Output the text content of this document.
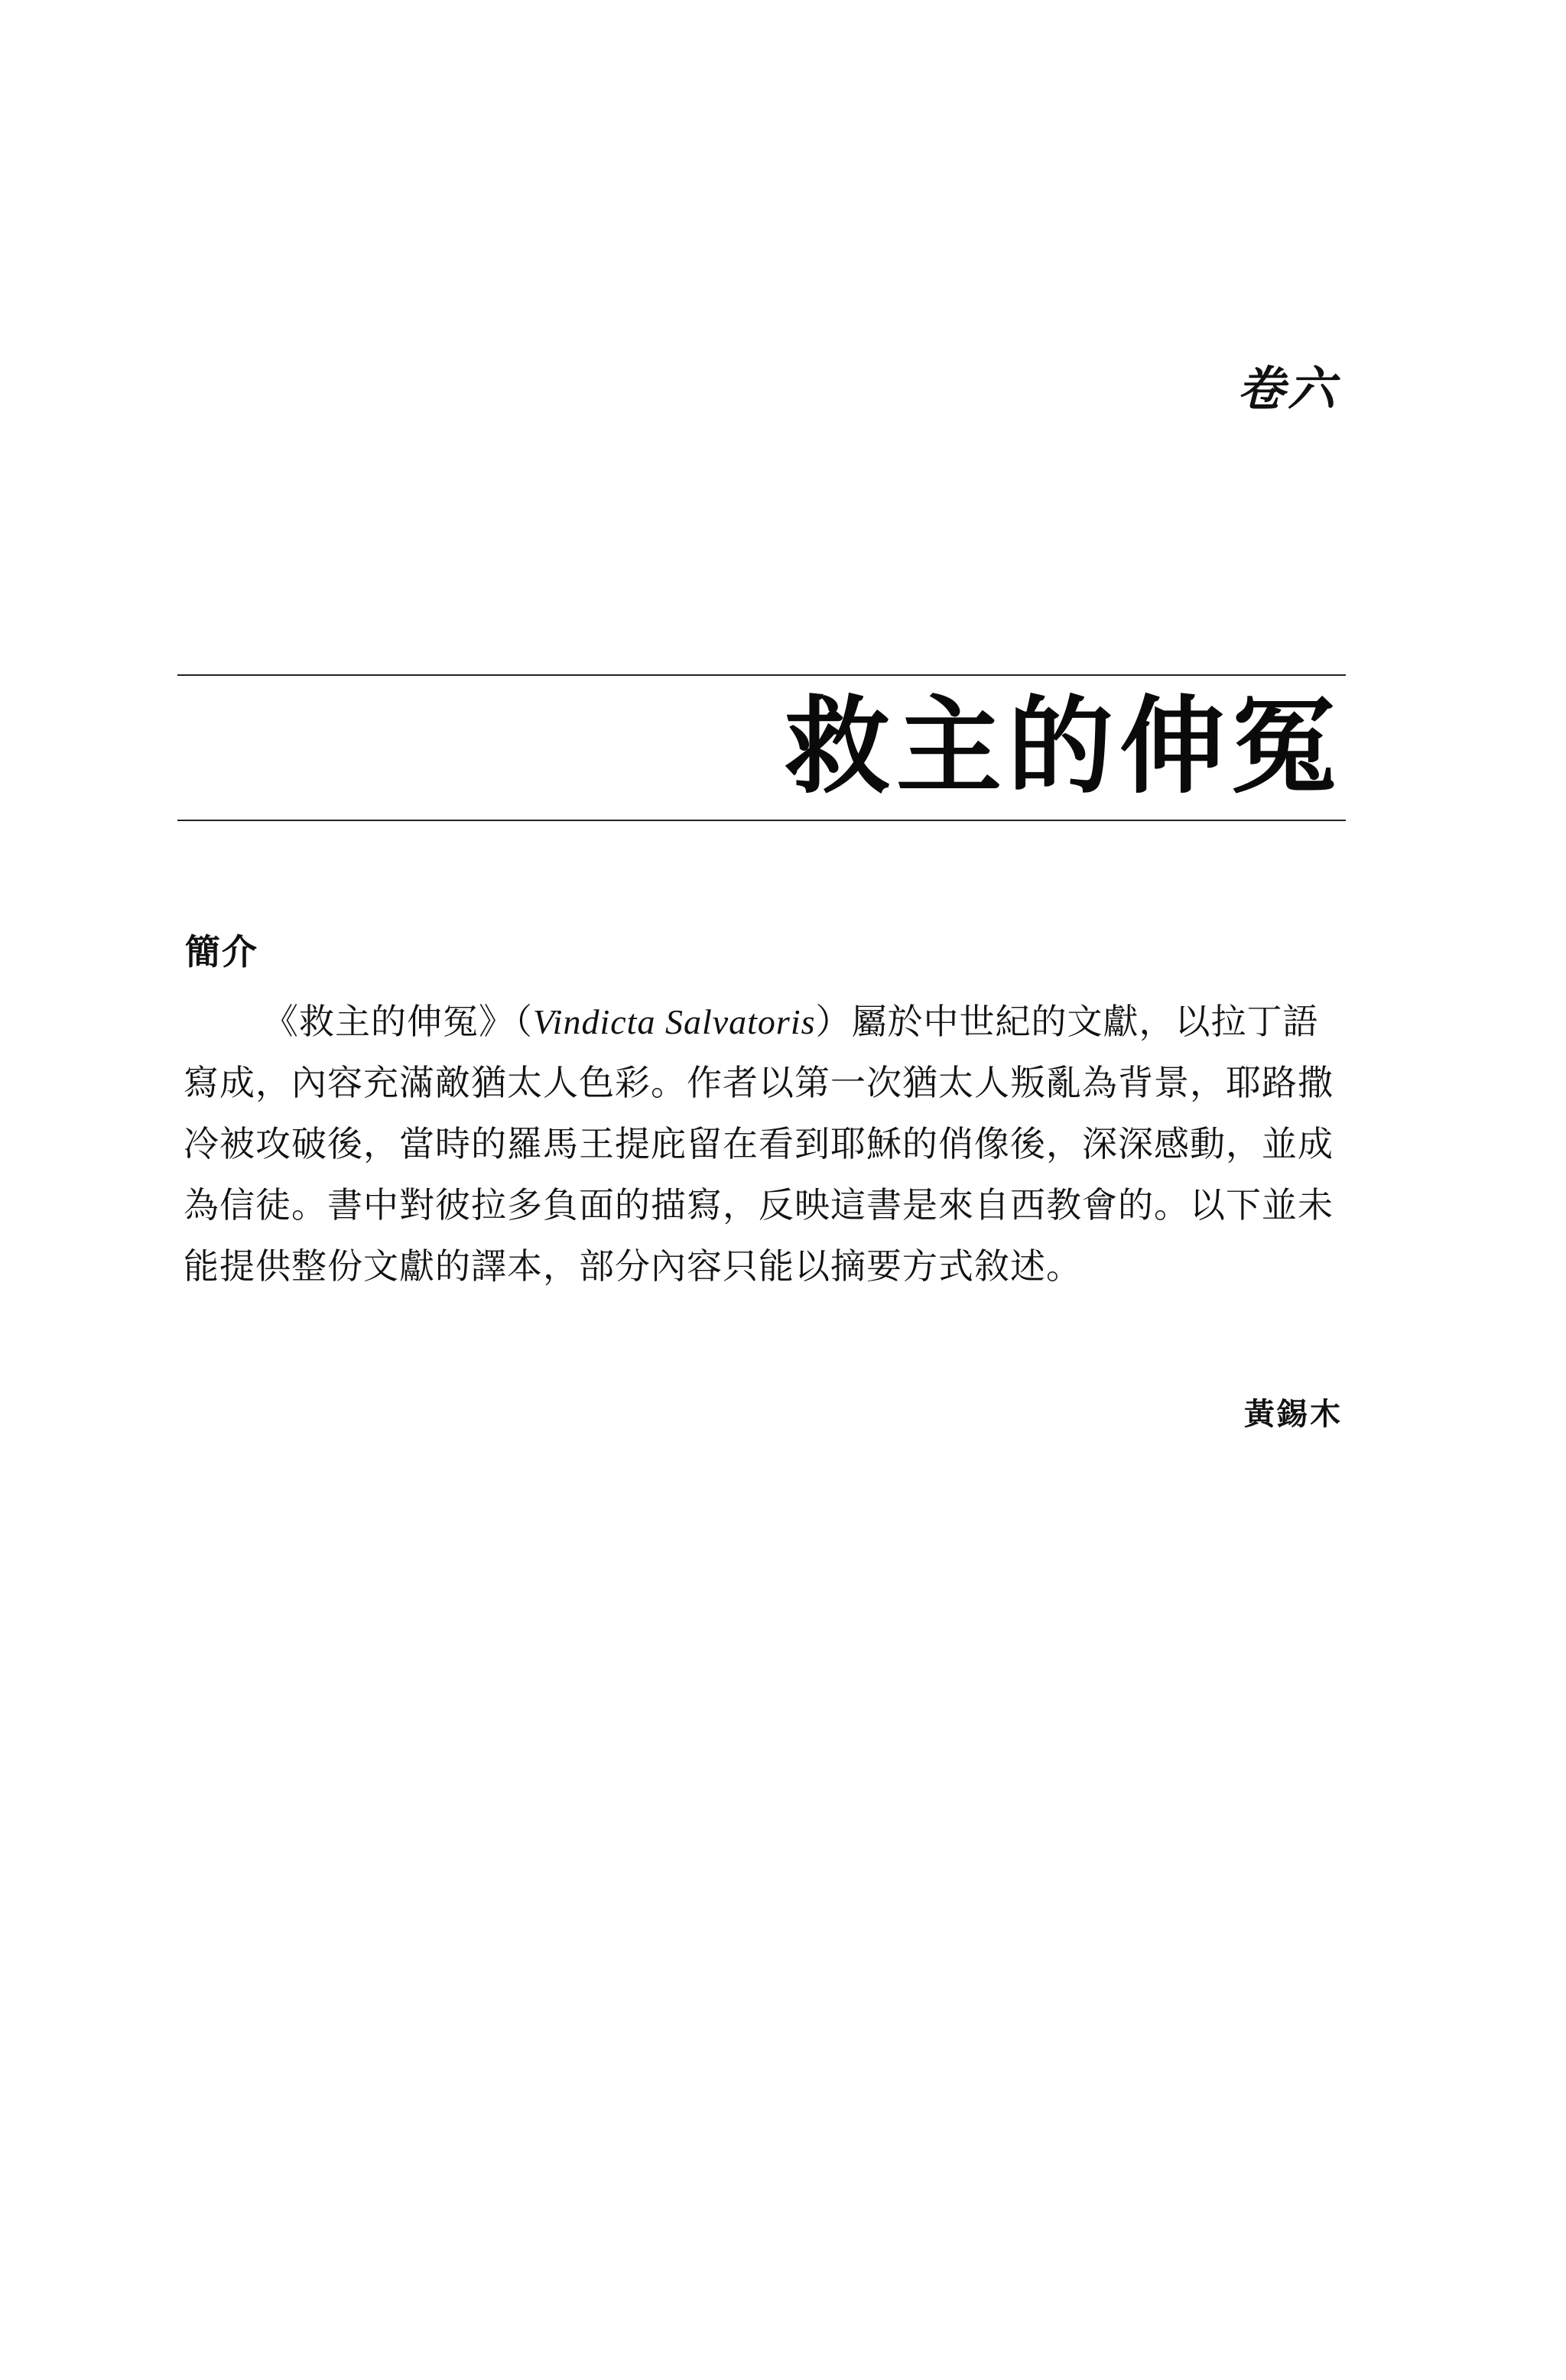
卷六
救主的伸冤
簡介
《救主的伸冤》（Vindicta Salvatoris）屬於中世紀的文獻，以拉丁語
寫成，內容充滿敵猶太人色彩。作者以第一次猶太人叛亂為背景，耶路撒
冷被攻破後，當時的羅馬王提庇留在看到耶穌的俏像後，深深感動，並成
為信徒。書中對彼拉多負面的描寫，反映這書是來自西教會的。以下並未
能提供整份文獻的譯本，部分內容只能以摘要方式敘述。
黃錫木
